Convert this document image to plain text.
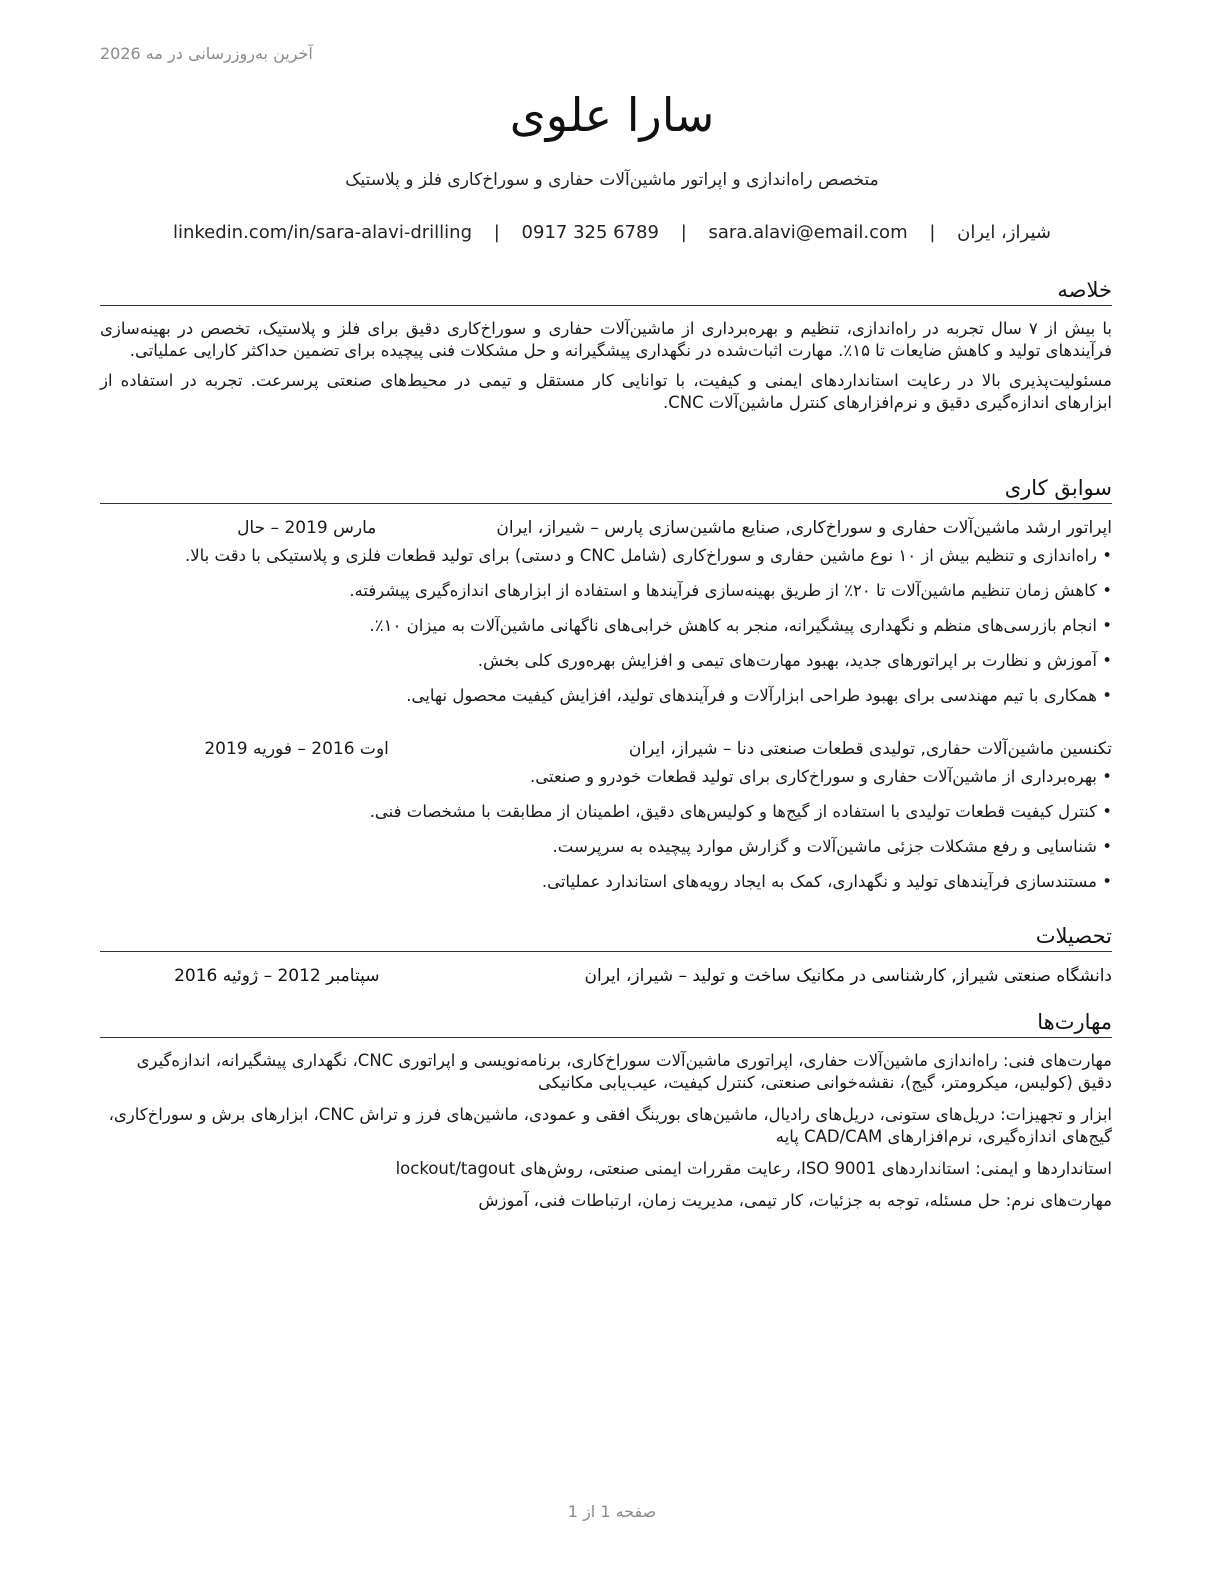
آخرین به‌روزرسانی در مه 2026
سارا علوی
متخصص راه‌اندازی و اپراتور ماشین‌آلات حفاری و سوراخ‌کاری فلز و پلاستیک
شیراز، ایران | sara.alavi@email.com | 0917 325 6789 | linkedin.com/in/sara-alavi-drilling
خلاصه

با بیش از ۷ سال تجربه در راه‌اندازی، تنظیم و بهره‌برداری از ماشین‌آلات حفاری و سوراخ‌کاری دقیق برای فلز و پلاستیک، تخصص در بهینه‌سازی فرآیندهای تولید و کاهش ضایعات تا ۱۵٪. مهارت اثبات‌شده در نگهداری پیشگیرانه و حل مشکلات فنی پیچیده برای تضمین حداکثر کارایی عملیاتی.

مسئولیت‌پذیری بالا در رعایت استانداردهای ایمنی و کیفیت، با توانایی کار مستقل و تیمی در محیط‌های صنعتی پرسرعت. تجربه در استفاده از ابزارهای اندازه‌گیری دقیق و نرم‌افزارهای کنترل ماشین‌آلات CNC.

سوابق کاری
اپراتور ارشد ماشین‌آلات حفاری و سوراخ‌کاری, صنایع ماشین‌سازی پارس – شیراز، ایران
مارس 2019 – حال
• راه‌اندازی و تنظیم بیش از ۱۰ نوع ماشین حفاری و سوراخ‌کاری (شامل CNC و دستی) برای تولید قطعات فلزی و پلاستیکی با دقت بالا.
• کاهش زمان تنظیم ماشین‌آلات تا ۲۰٪ از طریق بهینه‌سازی فرآیندها و استفاده از ابزارهای اندازه‌گیری پیشرفته.
• انجام بازرسی‌های منظم و نگهداری پیشگیرانه، منجر به کاهش خرابی‌های ناگهانی ماشین‌آلات به میزان ۱۰٪.
• آموزش و نظارت بر اپراتورهای جدید، بهبود مهارت‌های تیمی و افزایش بهره‌وری کلی بخش.
• همکاری با تیم مهندسی برای بهبود طراحی ابزارآلات و فرآیندهای تولید، افزایش کیفیت محصول نهایی.
تکنسین ماشین‌آلات حفاری, تولیدی قطعات صنعتی دنا – شیراز، ایران
اوت 2016 – فوریه 2019
• بهره‌برداری از ماشین‌آلات حفاری و سوراخ‌کاری برای تولید قطعات خودرو و صنعتی.
• کنترل کیفیت قطعات تولیدی با استفاده از گیج‌ها و کولیس‌های دقیق، اطمینان از مطابقت با مشخصات فنی.
• شناسایی و رفع مشکلات جزئی ماشین‌آلات و گزارش موارد پیچیده به سرپرست.
• مستندسازی فرآیندهای تولید و نگهداری، کمک به ایجاد رویه‌های استاندارد عملیاتی.
تحصیلات
دانشگاه صنعتی شیراز, کارشناسی در مکانیک ساخت و تولید – شیراز، ایران
سپتامبر 2012 – ژوئیه 2016
مهارت‌ها

مهارت‌های فنی: راه‌اندازی ماشین‌آلات حفاری، اپراتوری ماشین‌آلات سوراخ‌کاری، برنامه‌نویسی و اپراتوری CNC، نگهداری پیشگیرانه، اندازه‌گیری دقیق (کولیس، میکرومتر، گیج)، نقشه‌خوانی صنعتی، کنترل کیفیت، عیب‌یابی مکانیکی

ابزار و تجهیزات: دریل‌های ستونی، دریل‌های رادیال، ماشین‌های بورینگ افقی و عمودی، ماشین‌های فرز و تراش CNC، ابزارهای برش و سوراخ‌کاری، گیج‌های اندازه‌گیری، نرم‌افزارهای CAD/CAM پایه

استانداردها و ایمنی: استانداردهای ISO 9001، رعایت مقررات ایمنی صنعتی، روش‌های lockout/tagout

مهارت‌های نرم: حل مسئله، توجه به جزئیات، کار تیمی، مدیریت زمان، ارتباطات فنی، آموزش

صفحه 1 از 1
